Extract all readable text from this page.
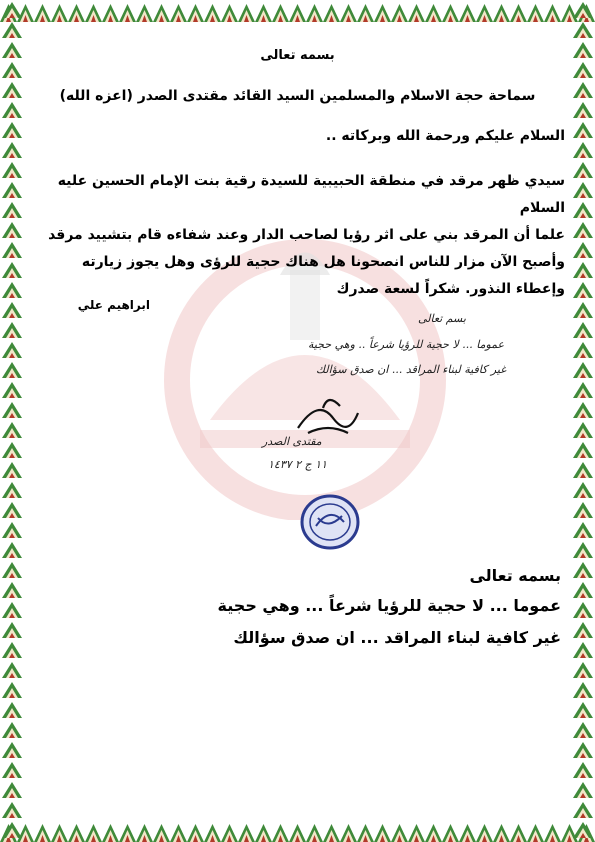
بسمه تعالى
سماحة حجة الاسلام والمسلمين السيد القائد مقتدى الصدر (اعزه الله)
السلام عليكم ورحمة الله وبركاته ..
سيدي ظهر مرقد في منطقة الحبيبية للسيدة رقية بنت الإمام الحسين عليه السلام
علما أن المرقد بني على اثر رؤيا لصاحب الدار وعند شفاءه قام بتشييد مرقد
وأصبح الآن مزار للناس انصحونا هل هناك حجية للرؤى وهل يجوز زيارته
وإعطاء النذور. شكراً لسعة صدرك
ابراهيم علي
بسم تعالى
عموما ... لا حجية للرؤيا شرعاً .. وهي حجية
غير كافية لبناء المراقد ... ان صدق سؤالك
مقتدى الصدر
١١ ج ٢ ١٤٣٧
بسمه تعالى
عموما ... لا حجية للرؤيا شرعاً ... وهي حجية
غير كافية لبناء المراقد ... ان صدق سؤالك
